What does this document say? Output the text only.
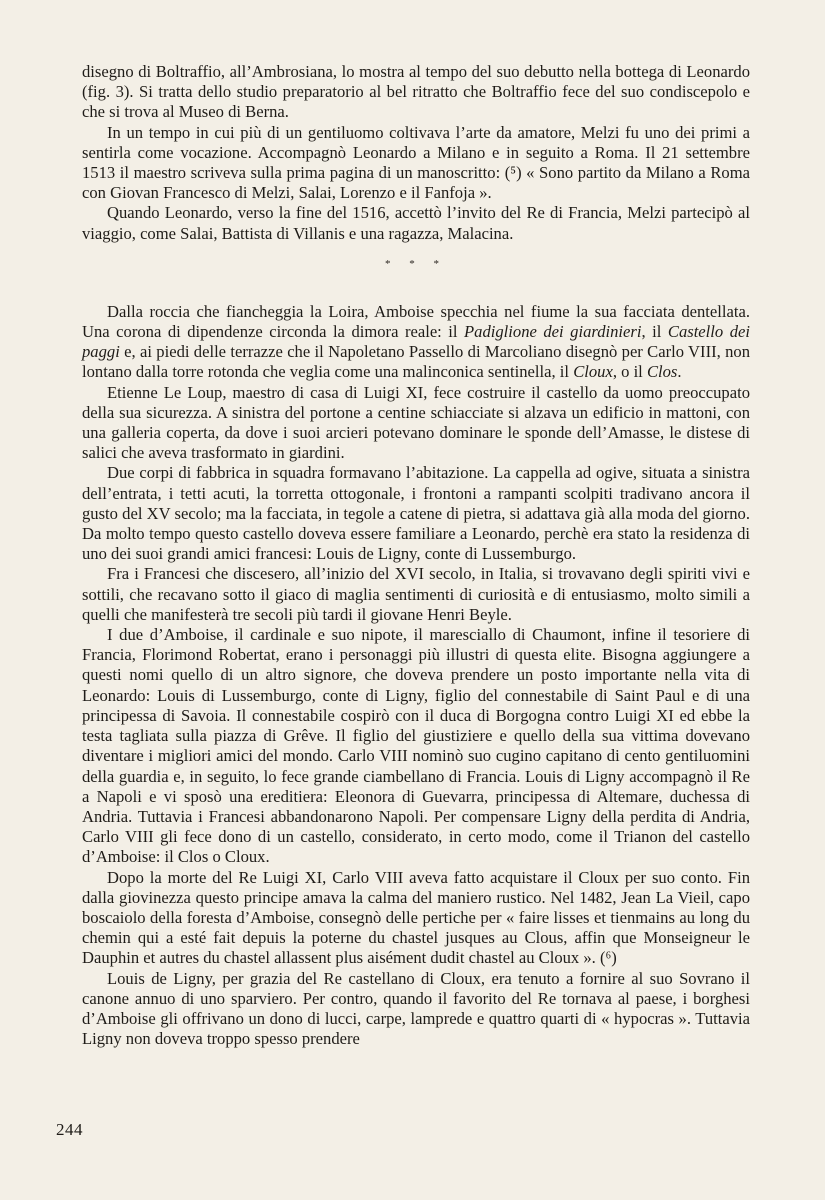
disegno di Boltraffio, all’Ambrosiana, lo mostra al tempo del suo debutto nella bottega di Leonardo (fig. 3). Si tratta dello studio preparatorio al bel ritratto che Boltraffio fece del suo condiscepolo e che si trova al Museo di Berna.

In un tempo in cui più di un gentiluomo coltivava l’arte da amatore, Melzi fu uno dei primi a sentirla come vocazione. Accompagnò Leonardo a Milano e in seguito a Roma. Il 21 settembre 1513 il maestro scriveva sulla prima pagina di un manoscritto: (⁵) « Sono partito da Milano a Roma con Giovan Francesco di Melzi, Salai, Lorenzo e il Fanfoja ».

Quando Leonardo, verso la fine del 1516, accettò l’invito del Re di Francia, Melzi partecipò al viaggio, come Salai, Battista di Villanis e una ragazza, Malacina.

* * *

Dalla roccia che fiancheggia la Loira, Amboise specchia nel fiume la sua facciata dentellata. Una corona di dipendenze circonda la dimora reale: il Padiglione dei giardinieri, il Castello dei paggi e, ai piedi delle terrazze che il Napoletano Passello di Marcoliano disegnò per Carlo VIII, non lontano dalla torre rotonda che veglia come una malinconica sentinella, il Cloux, o il Clos.

Etienne Le Loup, maestro di casa di Luigi XI, fece costruire il castello da uomo preoccupato della sua sicurezza. A sinistra del portone a centine schiacciate si alzava un edificio in mattoni, con una galleria coperta, da dove i suoi arcieri potevano dominare le sponde dell’Amasse, le distese di salici che aveva trasformato in giardini.

Due corpi di fabbrica in squadra formavano l’abitazione. La cappella ad ogive, situata a sinistra dell’entrata, i tetti acuti, la torretta ottogonale, i frontoni a rampanti scolpiti tradivano ancora il gusto del XV secolo; ma la facciata, in tegole a catene di pietra, si adattava già alla moda del giorno. Da molto tempo questo castello doveva essere familiare a Leonardo, perchè era stato la residenza di uno dei suoi grandi amici francesi: Louis de Ligny, conte di Lussemburgo.

Fra i Francesi che discesero, all’inizio del XVI secolo, in Italia, si trovavano degli spiriti vivi e sottili, che recavano sotto il giaco di maglia sentimenti di curiosità e di entusiasmo, molto simili a quelli che manifesterà tre secoli più tardi il giovane Henri Beyle.

I due d’Amboise, il cardinale e suo nipote, il maresciallo di Chaumont, infine il tesoriere di Francia, Florimond Robertat, erano i personaggi più illustri di questa elite. Bisogna aggiungere a questi nomi quello di un altro signore, che doveva prendere un posto importante nella vita di Leonardo: Louis di Lussemburgo, conte di Ligny, figlio del connestabile di Saint Paul e di una principessa di Savoia. Il connestabile cospirò con il duca di Borgogna contro Luigi XI ed ebbe la testa tagliata sulla piazza di Grêve. Il figlio del giustiziere e quello della sua vittima dovevano diventare i migliori amici del mondo. Carlo VIII nominò suo cugino capitano di cento gentiluomini della guardia e, in seguito, lo fece grande ciambellano di Francia. Louis di Ligny accompagnò il Re a Napoli e vi sposò una ereditiera: Eleonora di Guevarra, principessa di Altemare, duchessa di Andria. Tuttavia i Francesi abbandonarono Napoli. Per compensare Ligny della perdita di Andria, Carlo VIII gli fece dono di un castello, considerato, in certo modo, come il Trianon del castello d’Amboise: il Clos o Cloux.

Dopo la morte del Re Luigi XI, Carlo VIII aveva fatto acquistare il Cloux per suo conto. Fin dalla giovinezza questo principe amava la calma del maniero rustico. Nel 1482, Jean La Vieil, capo boscaiolo della foresta d’Amboise, consegnò delle pertiche per « faire lisses et tienmains au long du chemin qui a esté fait depuis la poterne du chastel jusques au Clous, affin que Monseigneur le Dauphin et autres du chastel allassent plus aisément dudit chastel au Cloux ». (⁶)

Louis de Ligny, per grazia del Re castellano di Cloux, era tenuto a fornire al suo Sovrano il canone annuo di uno sparviero. Per contro, quando il favorito del Re tornava al paese, i borghesi d’Amboise gli offrivano un dono di lucci, carpe, lamprede e quattro quarti di « hypocras ». Tuttavia Ligny non doveva troppo spesso prendere

244
